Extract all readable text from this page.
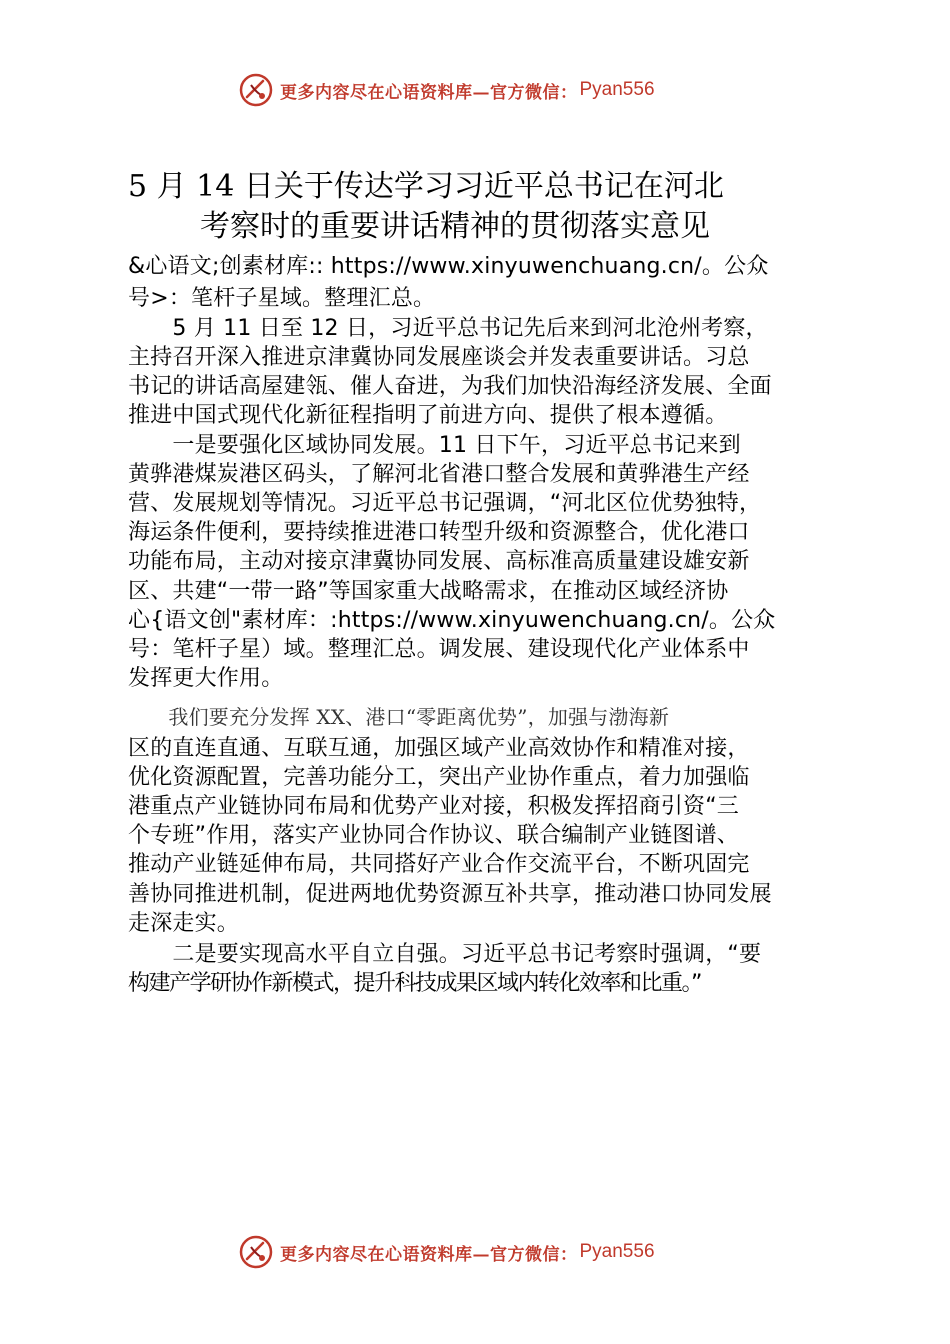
更多内容尽在心语资料库—官方微信： Pyan556
5 月 14 日关于传达学习习近平总书记在河北
考察时的重要讲话精神的贯彻落实意见
&心语文;创素材库:: https://www.xinyuwenchuang.cn/。公众
号>：笔杆子星域。整理汇总。
　　5 月 11 日至 12 日，习近平总书记先后来到河北沧州考察，
主持召开深入推进京津冀协同发展座谈会并发表重要讲话。习总
书记的讲话高屋建瓴、催人奋进，为我们加快沿海经济发展、全面
推进中国式现代化新征程指明了前进方向、提供了根本遵循。
　　一是要强化区域协同发展。11 日下午，习近平总书记来到
黄骅港煤炭港区码头，了解河北省港口整合发展和黄骅港生产经
营、发展规划等情况。习近平总书记强调，“河北区位优势独特，
海运条件便利，要持续推进港口转型升级和资源整合，优化港口
功能布局，主动对接京津冀协同发展、高标准高质量建设雄安新
区、共建“一带一路”等国家重大战略需求，在推动区域经济协
心{语文创"素材库：:https://www.xinyuwenchuang.cn/。公众
号：笔杆子星）域。整理汇总。调发展、建设现代化产业体系中
发挥更大作用。
　　我们要充分发挥 XX、港口“零距离优势”，加强与渤海新
区的直连直通、互联互通，加强区域产业高效协作和精准对接，
优化资源配置，完善功能分工，突出产业协作重点，着力加强临
港重点产业链协同布局和优势产业对接，积极发挥招商引资“三
个专班”作用，落实产业协同合作协议、联合编制产业链图谱、
推动产业链延伸布局，共同搭好产业合作交流平台，不断巩固完
善协同推进机制，促进两地优势资源互补共享，推动港口协同发展
走深走实。
　　二是要实现高水平自立自强。习近平总书记考察时强调，“要
构建产学研协作新模式，提升科技成果区域内转化效率和比重。”
更多内容尽在心语资料库—官方微信： Pyan556
